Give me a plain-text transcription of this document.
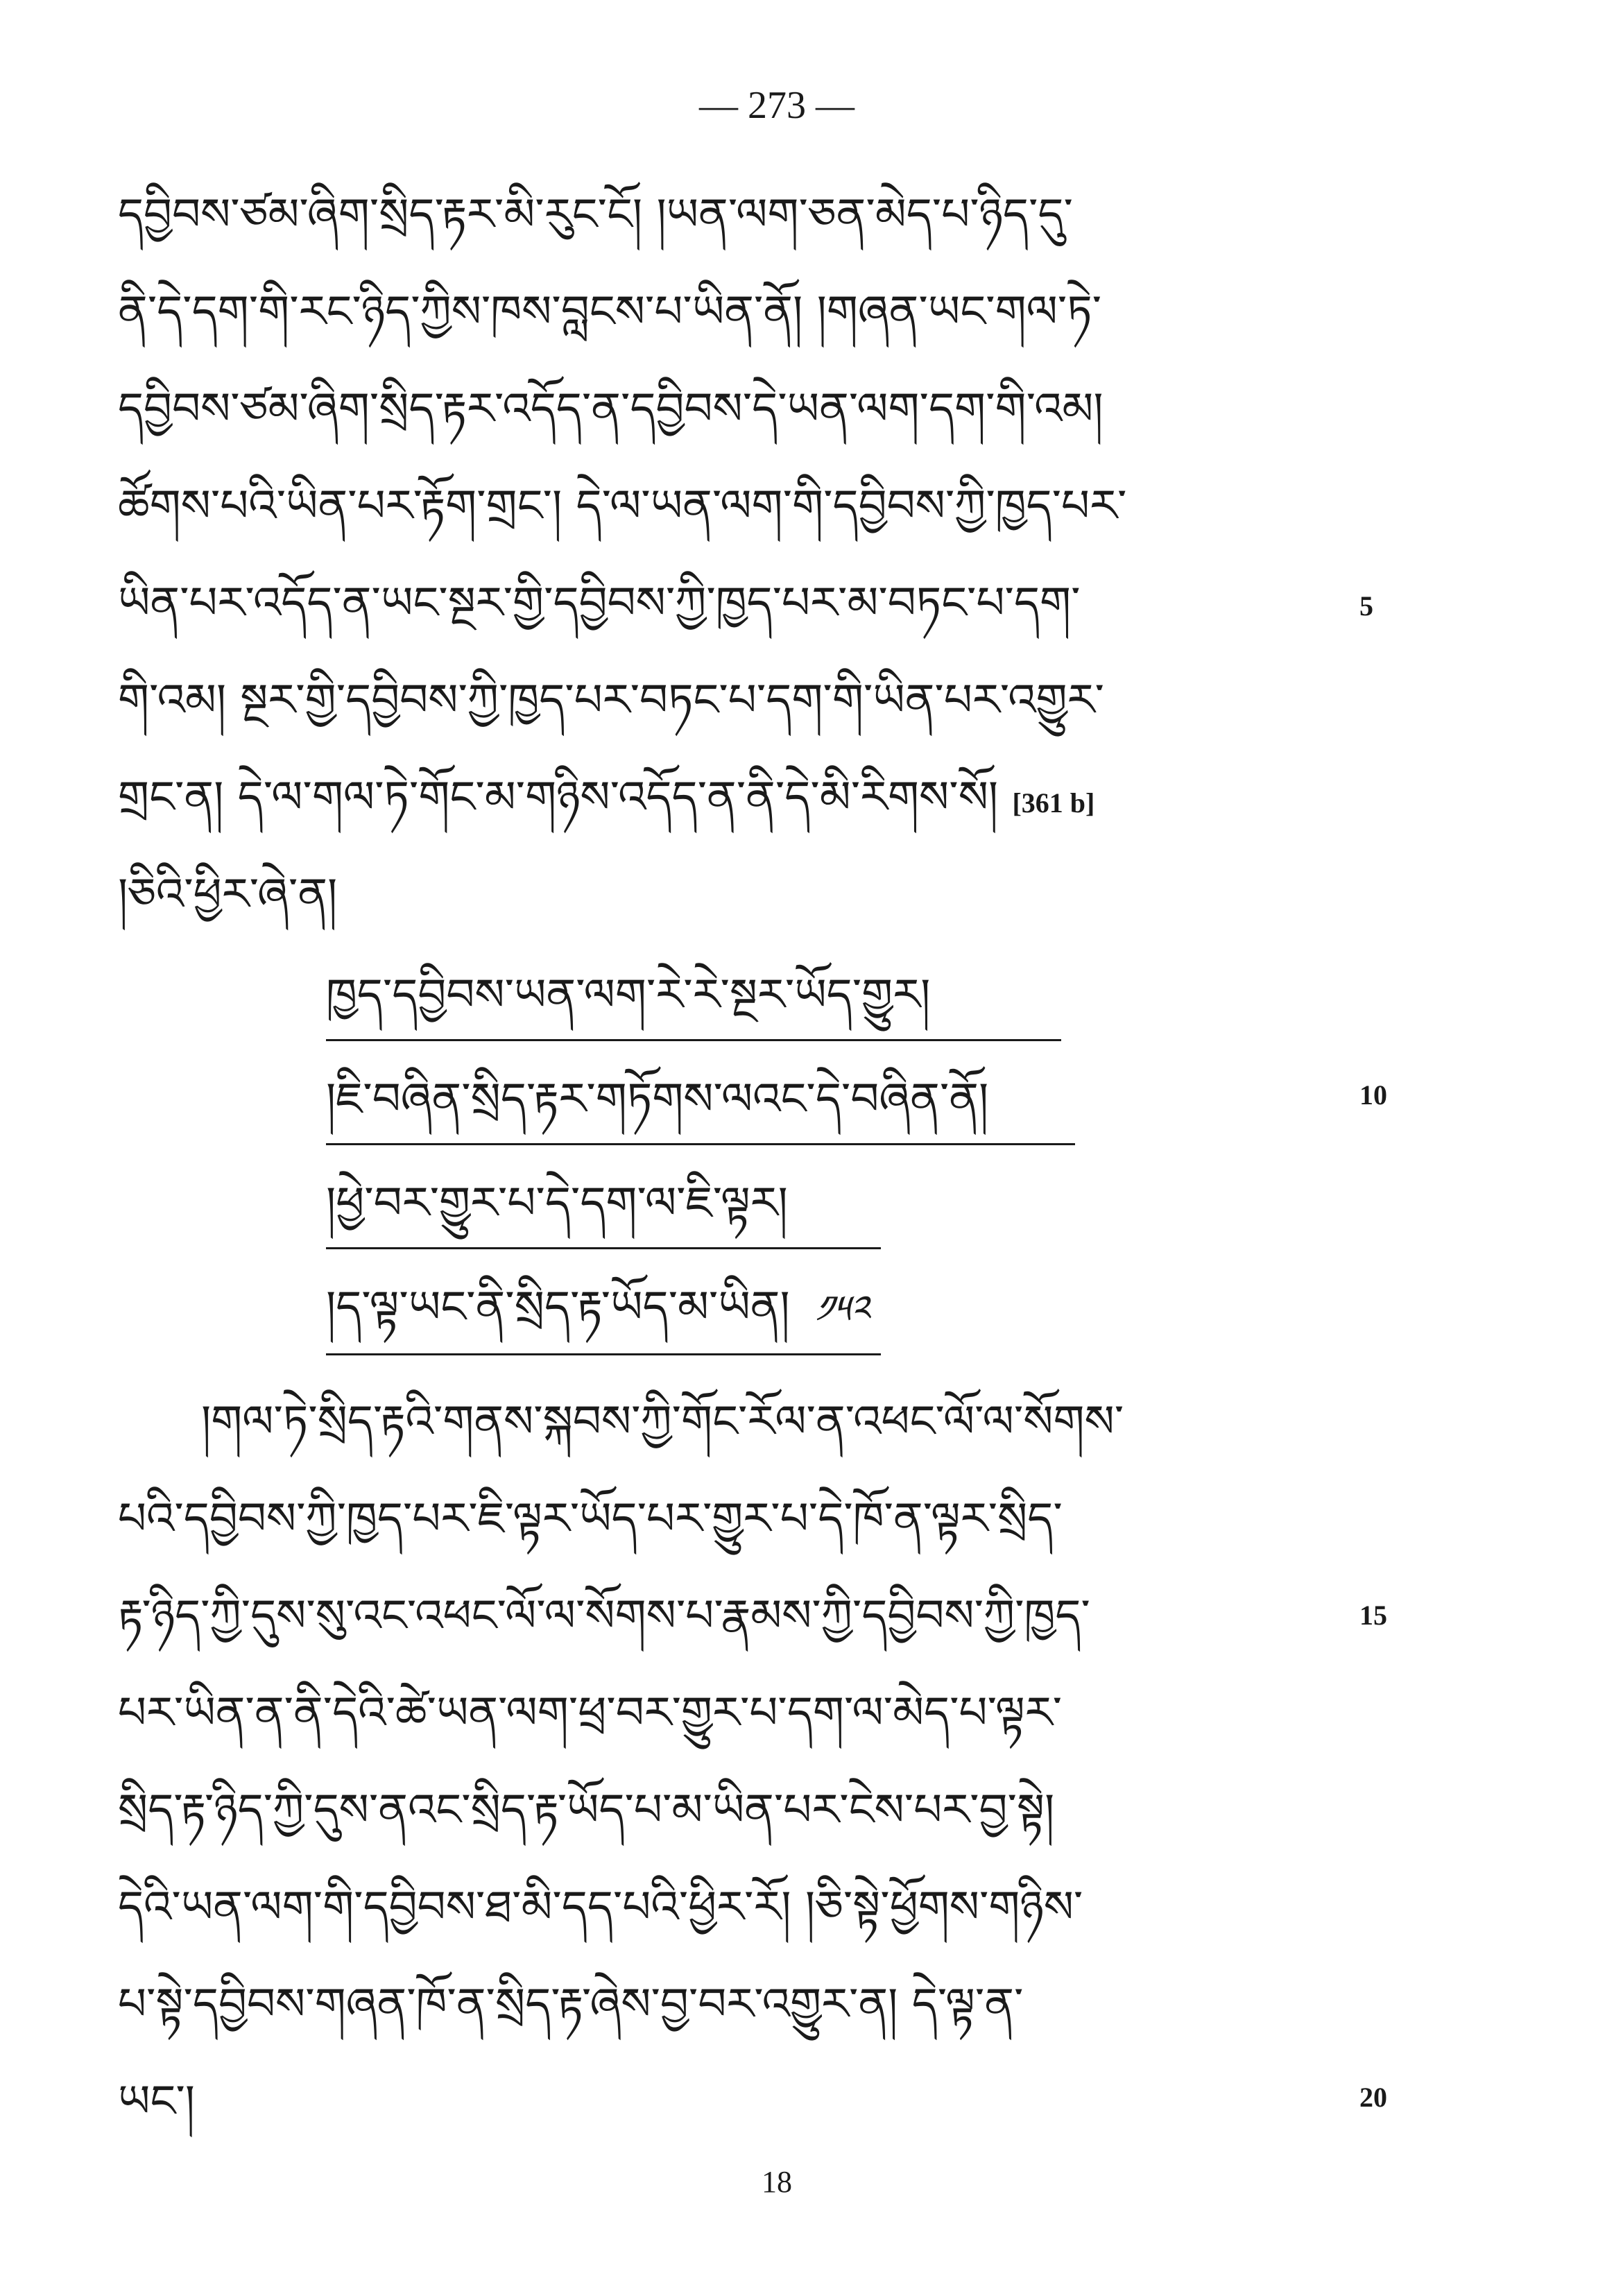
— 273 —
དབྱིབས་ཙམ་ཞིག་སྲིད་རྟར་མི་རུང་ངོ། །ཡན་ལག་ཅན་མེད་པ་ཉིད་དུ་
ནི་དེ་དག་གི་རང་ཉིད་ཀྱིས་ཁས་བླངས་པ་ཡིན་ནོ། །གཞན་ཡང་གལ་ཏེ་
དབྱིབས་ཙམ་ཞིག་སྲིད་རྟར་འདོད་ན་དབྱིབས་དེ་ཡན་ལག་དག་གི་འམ།
ཚོགས་པའི་ཡིན་པར་རྟོག་གྲང་། དེ་ལ་ཡན་ལག་གི་དབྱིབས་ཀྱི་ཁྱད་པར་
ཡིན་པར་འདོད་ན་ཡང་སྔར་གྱི་དབྱིབས་ཀྱི་ཁྱད་པར་མ་བཏང་པ་དག་	5
གི་འམ། སྔར་གྱི་དབྱིབས་ཀྱི་ཁྱད་པར་བཏང་པ་དག་གི་ཡིན་པར་འགྱུར་
གྲང་ན། དེ་ལ་གལ་ཏེ་གོང་མ་གཉིས་འདོད་ན་ནི་དེ་མི་རིགས་སོ། [361 b]
།ཅིའི་ཕྱིར་ཞེ་ན།
ཁྱད་དབྱིབས་ཡན་ལག་རེ་རེ་སྔར་ཡོད་གྱུར།
།ཇི་བཞིན་སྲིད་རྟར་གཏོགས་ལའང་དེ་བཞིན་ནོ།	10
།ཕྱེ་བར་གྱུར་པ་དེ་དག་ལ་ཇི་ལྟར།
།ད་ལྟ་ཡང་ནི་སྲིད་རྟ་ཡོད་མ་ཡིན། ༡༥༢
།གལ་ཏེ་སྲིད་རྟའི་གནས་སྐབས་ཀྱི་གོང་རོལ་ན་འཕང་ལོ་ལ་སོགས་
པའི་དབྱིབས་ཀྱི་ཁྱད་པར་ཇི་ལྟར་ཡོད་པར་གྱུར་པ་དེ་ཁོ་ན་ལྟར་སྲིད་
རྟ་ཉིད་ཀྱི་དུས་སུ་འང་འཕང་ལོ་ལ་སོགས་པ་རྣམས་ཀྱི་དབྱིབས་ཀྱི་ཁྱད་	15
པར་ཡིན་ན་ནི་དེའི་ཚེ་ཡན་ལག་ཕྲ་བར་གྱུར་པ་དག་ལ་མེད་པ་ལྟར་
སྲིད་རྟ་ཉིད་ཀྱི་དུས་ནའང་སྲིད་རྟ་ཡོད་པ་མ་ཡིན་པར་ངེས་པར་བྱ་སྟེ།
དེའི་ཡན་ལག་གི་དབྱིབས་ཐ་མི་དད་པའི་ཕྱིར་རོ། །ཅི་སྟེ་ཕྱོགས་གཉིས་
པ་སྟེ་དབྱིབས་གཞན་ཁོ་ན་སྲིད་རྟ་ཞེས་བྱ་བར་འགྱུར་ན། དེ་ལྟ་ན་
ཡང་།	20
18
